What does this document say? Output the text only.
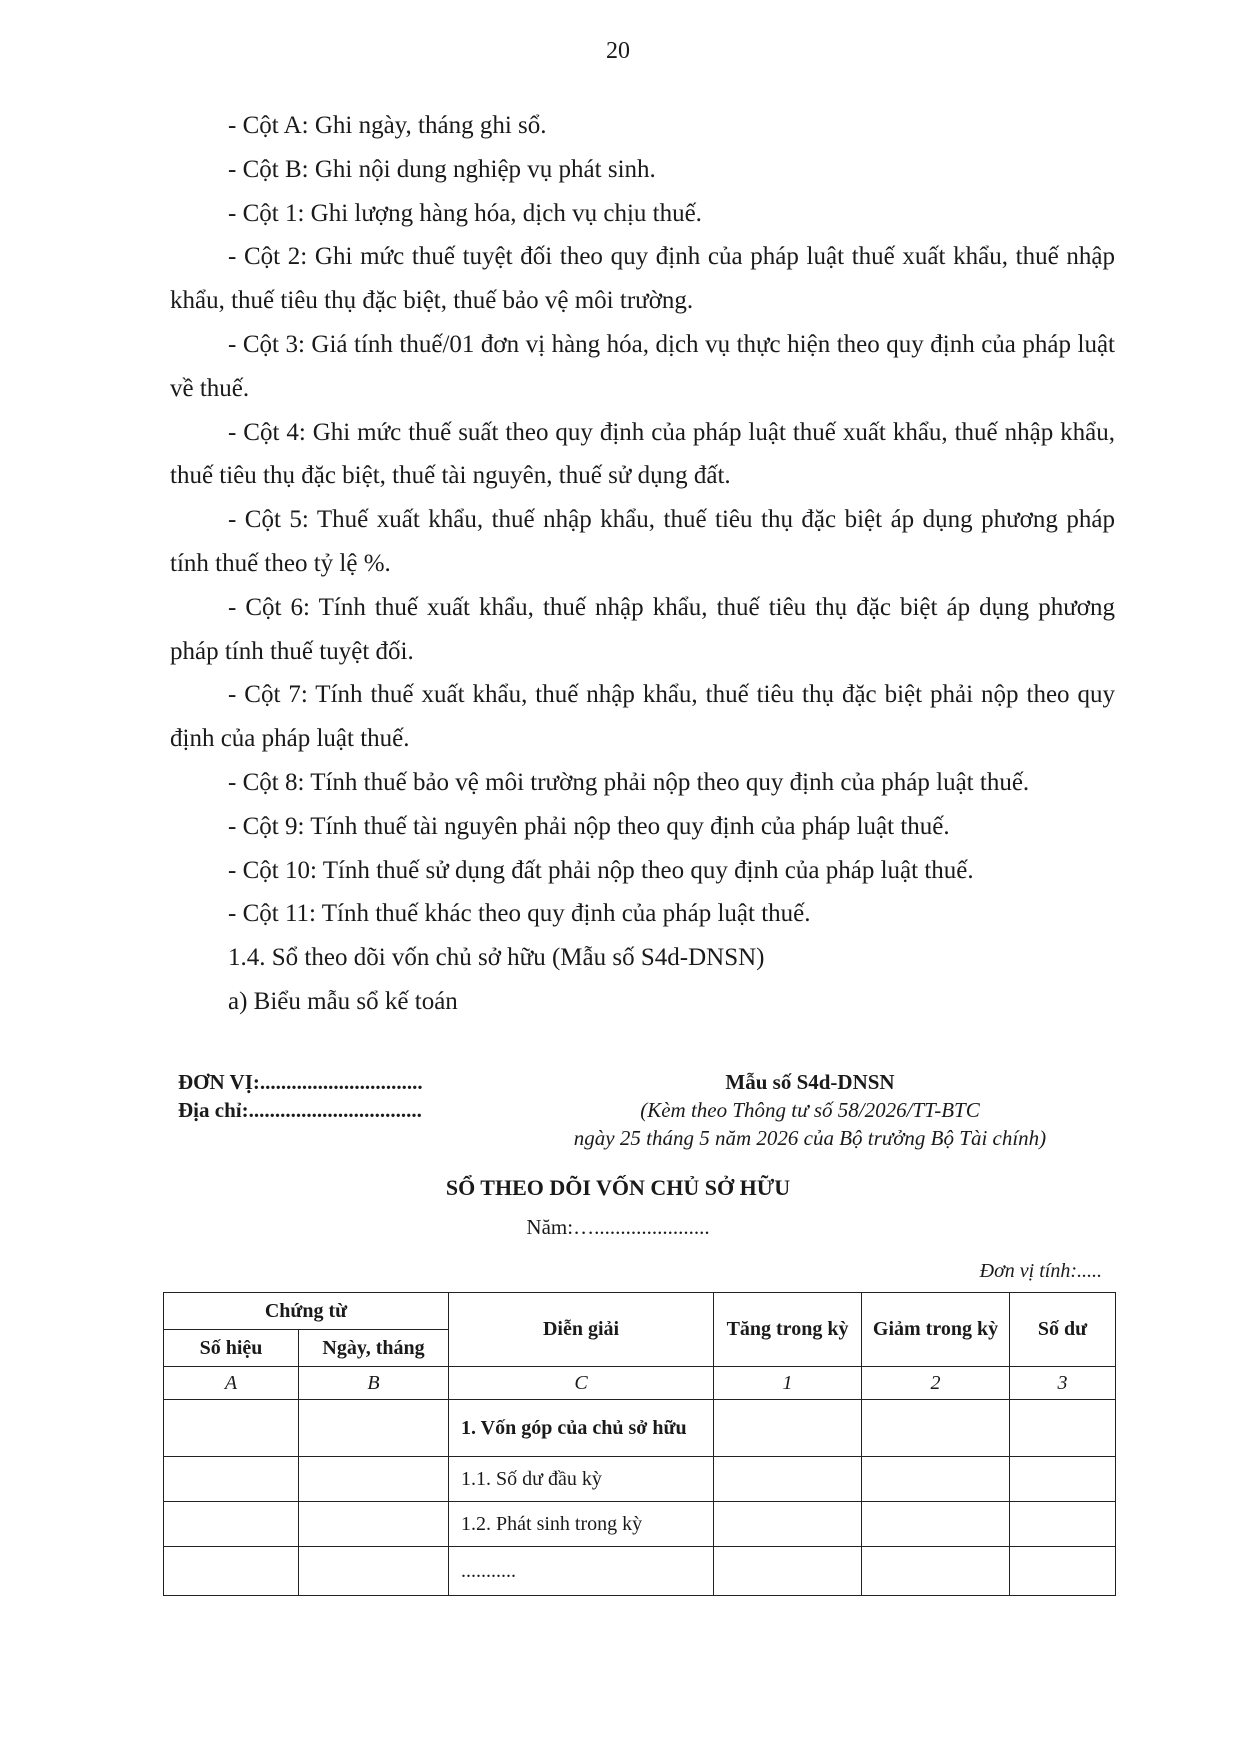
20

- Cột A: Ghi ngày, tháng ghi sổ.

- Cột B: Ghi nội dung nghiệp vụ phát sinh.

- Cột 1: Ghi lượng hàng hóa, dịch vụ chịu thuế.

- Cột 2: Ghi mức thuế tuyệt đối theo quy định của pháp luật thuế xuất khẩu, thuế nhập khẩu, thuế tiêu thụ đặc biệt, thuế bảo vệ môi trường.

- Cột 3: Giá tính thuế/01 đơn vị hàng hóa, dịch vụ thực hiện theo quy định của pháp luật về thuế.

- Cột 4: Ghi mức thuế suất theo quy định của pháp luật thuế xuất khẩu, thuế nhập khẩu, thuế tiêu thụ đặc biệt, thuế tài nguyên, thuế sử dụng đất.

- Cột 5: Thuế xuất khẩu, thuế nhập khẩu, thuế tiêu thụ đặc biệt áp dụng phương pháp tính thuế theo tỷ lệ %.

- Cột 6: Tính thuế xuất khẩu, thuế nhập khẩu, thuế tiêu thụ đặc biệt áp dụng phương pháp tính thuế tuyệt đối.

- Cột 7: Tính thuế xuất khẩu, thuế nhập khẩu, thuế tiêu thụ đặc biệt phải nộp theo quy định của pháp luật thuế.

- Cột 8: Tính thuế bảo vệ môi trường phải nộp theo quy định của pháp luật thuế.

- Cột 9: Tính thuế tài nguyên phải nộp theo quy định của pháp luật thuế.

- Cột 10: Tính thuế sử dụng đất phải nộp theo quy định của pháp luật thuế.

- Cột 11: Tính thuế khác theo quy định của pháp luật thuế.

1.4. Sổ theo dõi vốn chủ sở hữu (Mẫu số S4d-DNSN)

a) Biểu mẫu sổ kế toán

ĐƠN VỊ:...............................
Địa chỉ:.................................
Mẫu số S4d-DNSN
(Kèm theo Thông tư số 58/2026/TT-BTC
ngày 25 tháng 5 năm 2026 của Bộ trưởng Bộ Tài chính)
SỔ THEO DÕI VỐN CHỦ SỞ HỮU
Năm:…......................
Đơn vị tính:.....
Chứng từ		Diễn giải	Tăng trong kỳ	Giảm trong kỳ	Số dư
Số hiệu	Ngày, tháng				
A	B	C	1	2	3
		1. Vốn góp của chủ sở hữu			
		1.1. Số dư đầu kỳ			
		1.2. Phát sinh trong kỳ			
		...........			
